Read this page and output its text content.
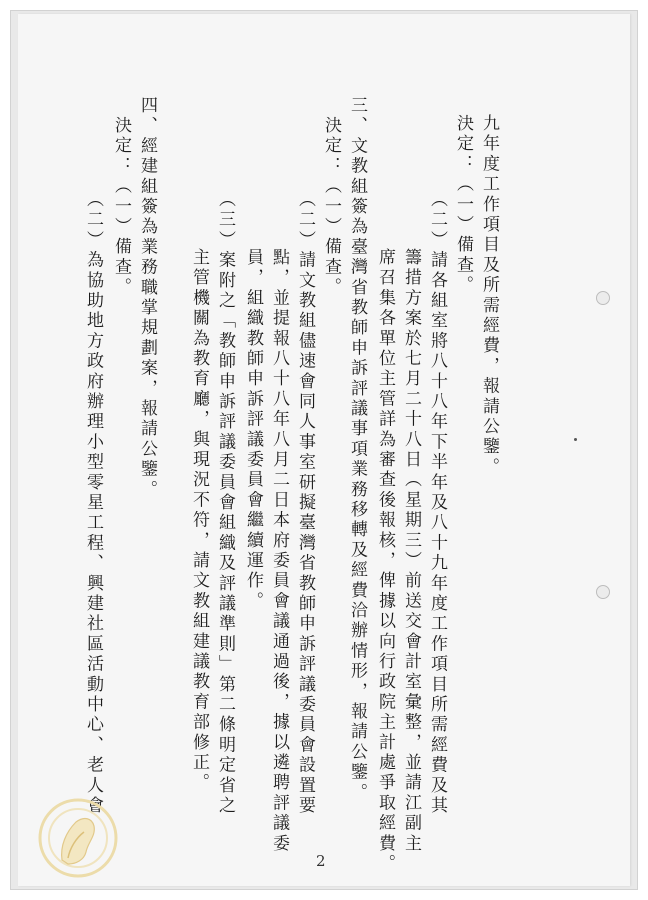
九年度工作項目及所需經費，報請公鑒。
決定：（一）備查。
（二）請各組室將八十八年下半年及八十九年度工作項目所需經費及其
籌措方案於七月二十八日（星期三）前送交會計室彙整，並請江副主
席召集各單位主管詳為審查後報核，俾據以向行政院主計處爭取經費。
三、文教組簽為臺灣省教師申訴評議事項業務移轉及經費洽辦情形，報請公鑒。
決定：（一）備查。
（二）請文教組儘速會同人事室研擬臺灣省教師申訴評議委員會設置要
點，並提報八十八年八月二日本府委員會議通過後，據以遴聘評議委
員，組織教師申訴評議委員會繼續運作。
（三）案附之「教師申訴評議委員會組織及評議準則」第二條明定省之
主管機關為教育廳，與現況不符，請文教組建議教育部修正。
四、經建組簽為業務職掌規劃案，報請公鑒。
決定：（一）備查。
（二）為協助地方政府辦理小型零星工程、興建社區活動中心、老人會
2
